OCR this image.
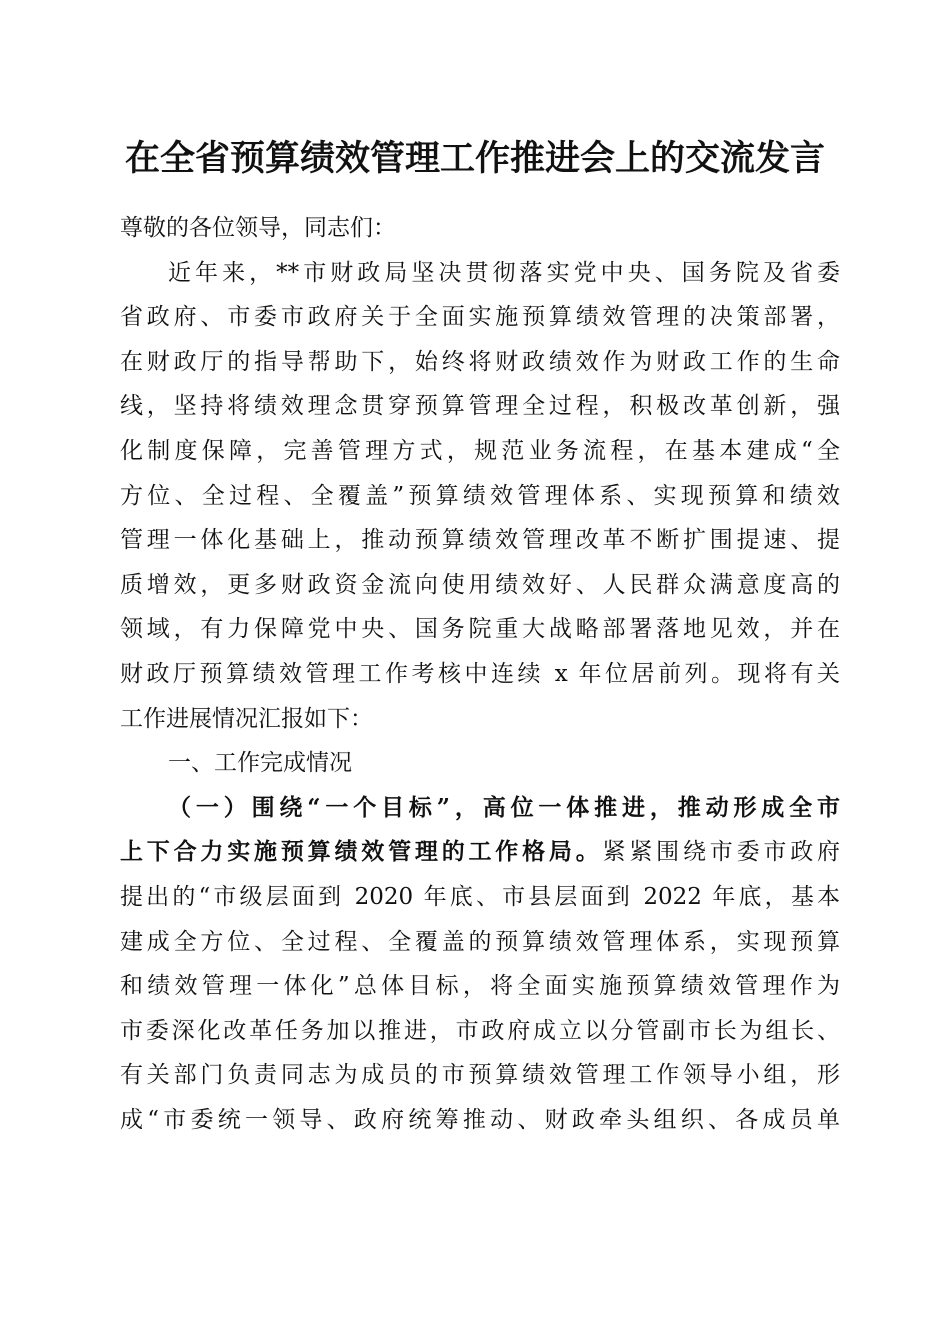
在全省预算绩效管理工作推进会上的交流发言
尊敬的各位领导，同志们：
近年来，**市财政局坚决贯彻落实党中央、国务院及省委
省政府、市委市政府关于全面实施预算绩效管理的决策部署，
在财政厅的指导帮助下，始终将财政绩效作为财政工作的生命
线，坚持将绩效理念贯穿预算管理全过程，积极改革创新，强
化制度保障，完善管理方式，规范业务流程，在基本建成“全
方位、全过程、全覆盖”预算绩效管理体系、实现预算和绩效
管理一体化基础上，推动预算绩效管理改革不断扩围提速、提
质增效，更多财政资金流向使用绩效好、人民群众满意度高的
领域，有力保障党中央、国务院重大战略部署落地见效，并在
财政厅预算绩效管理工作考核中连续 x 年位居前列。现将有关
工作进展情况汇报如下：
一、工作完成情况
（一）围绕“一个目标”，高位一体推进，推动形成全市
上下合力实施预算绩效管理的工作格局。紧紧围绕市委市政府
提出的“市级层面到 2020 年底、市县层面到 2022 年底，基本
建成全方位、全过程、全覆盖的预算绩效管理体系，实现预算
和绩效管理一体化”总体目标，将全面实施预算绩效管理作为
市委深化改革任务加以推进，市政府成立以分管副市长为组长、
有关部门负责同志为成员的市预算绩效管理工作领导小组，形
成“市委统一领导、政府统筹推动、财政牵头组织、各成员单
